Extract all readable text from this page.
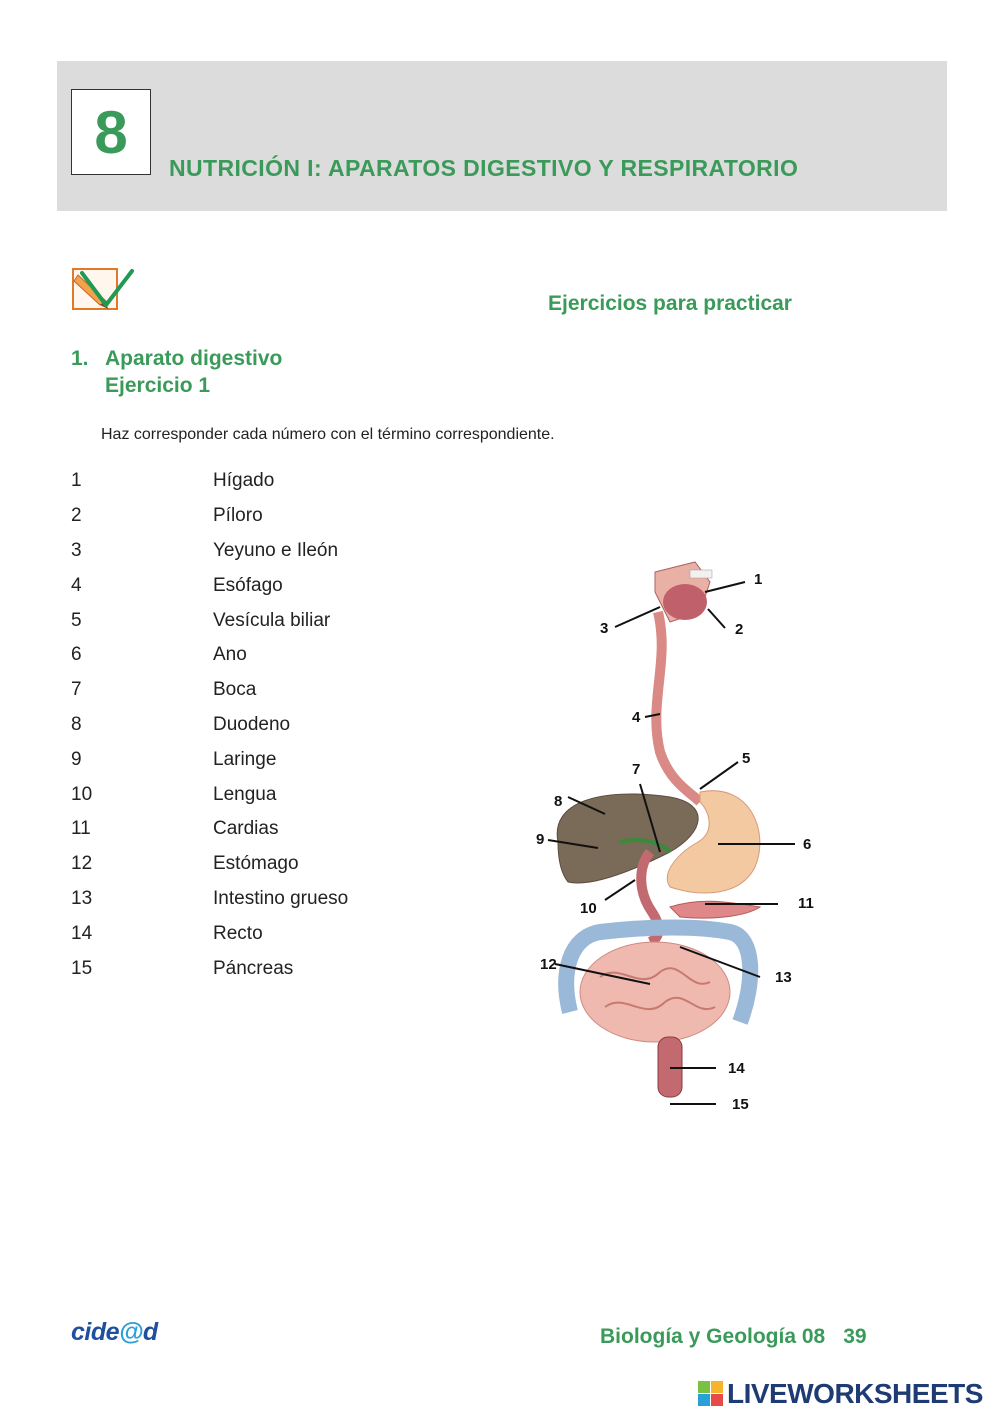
8
NUTRICIÓN I: APARATOS DIGESTIVO Y RESPIRATORIO
Ejercicios para practicar
1. Aparato digestivo
Ejercicio 1
Haz corresponder cada número con el término correspondiente.
1	Hígado
2	Píloro
3	Yeyuno e Ileón
4	Esófago
5	Vesícula biliar
6	Ano
7	Boca
8	Duodeno
9	Laringe
10	Lengua
11	Cardias
12	Estómago
13	Intestino grueso
14	Recto
15	Páncreas
1
2
3
4
5
6
7
8
9
10	11
12
13
14
15
cide@d	Biología y Geología 08 39
LIVEWORKSHEETS
